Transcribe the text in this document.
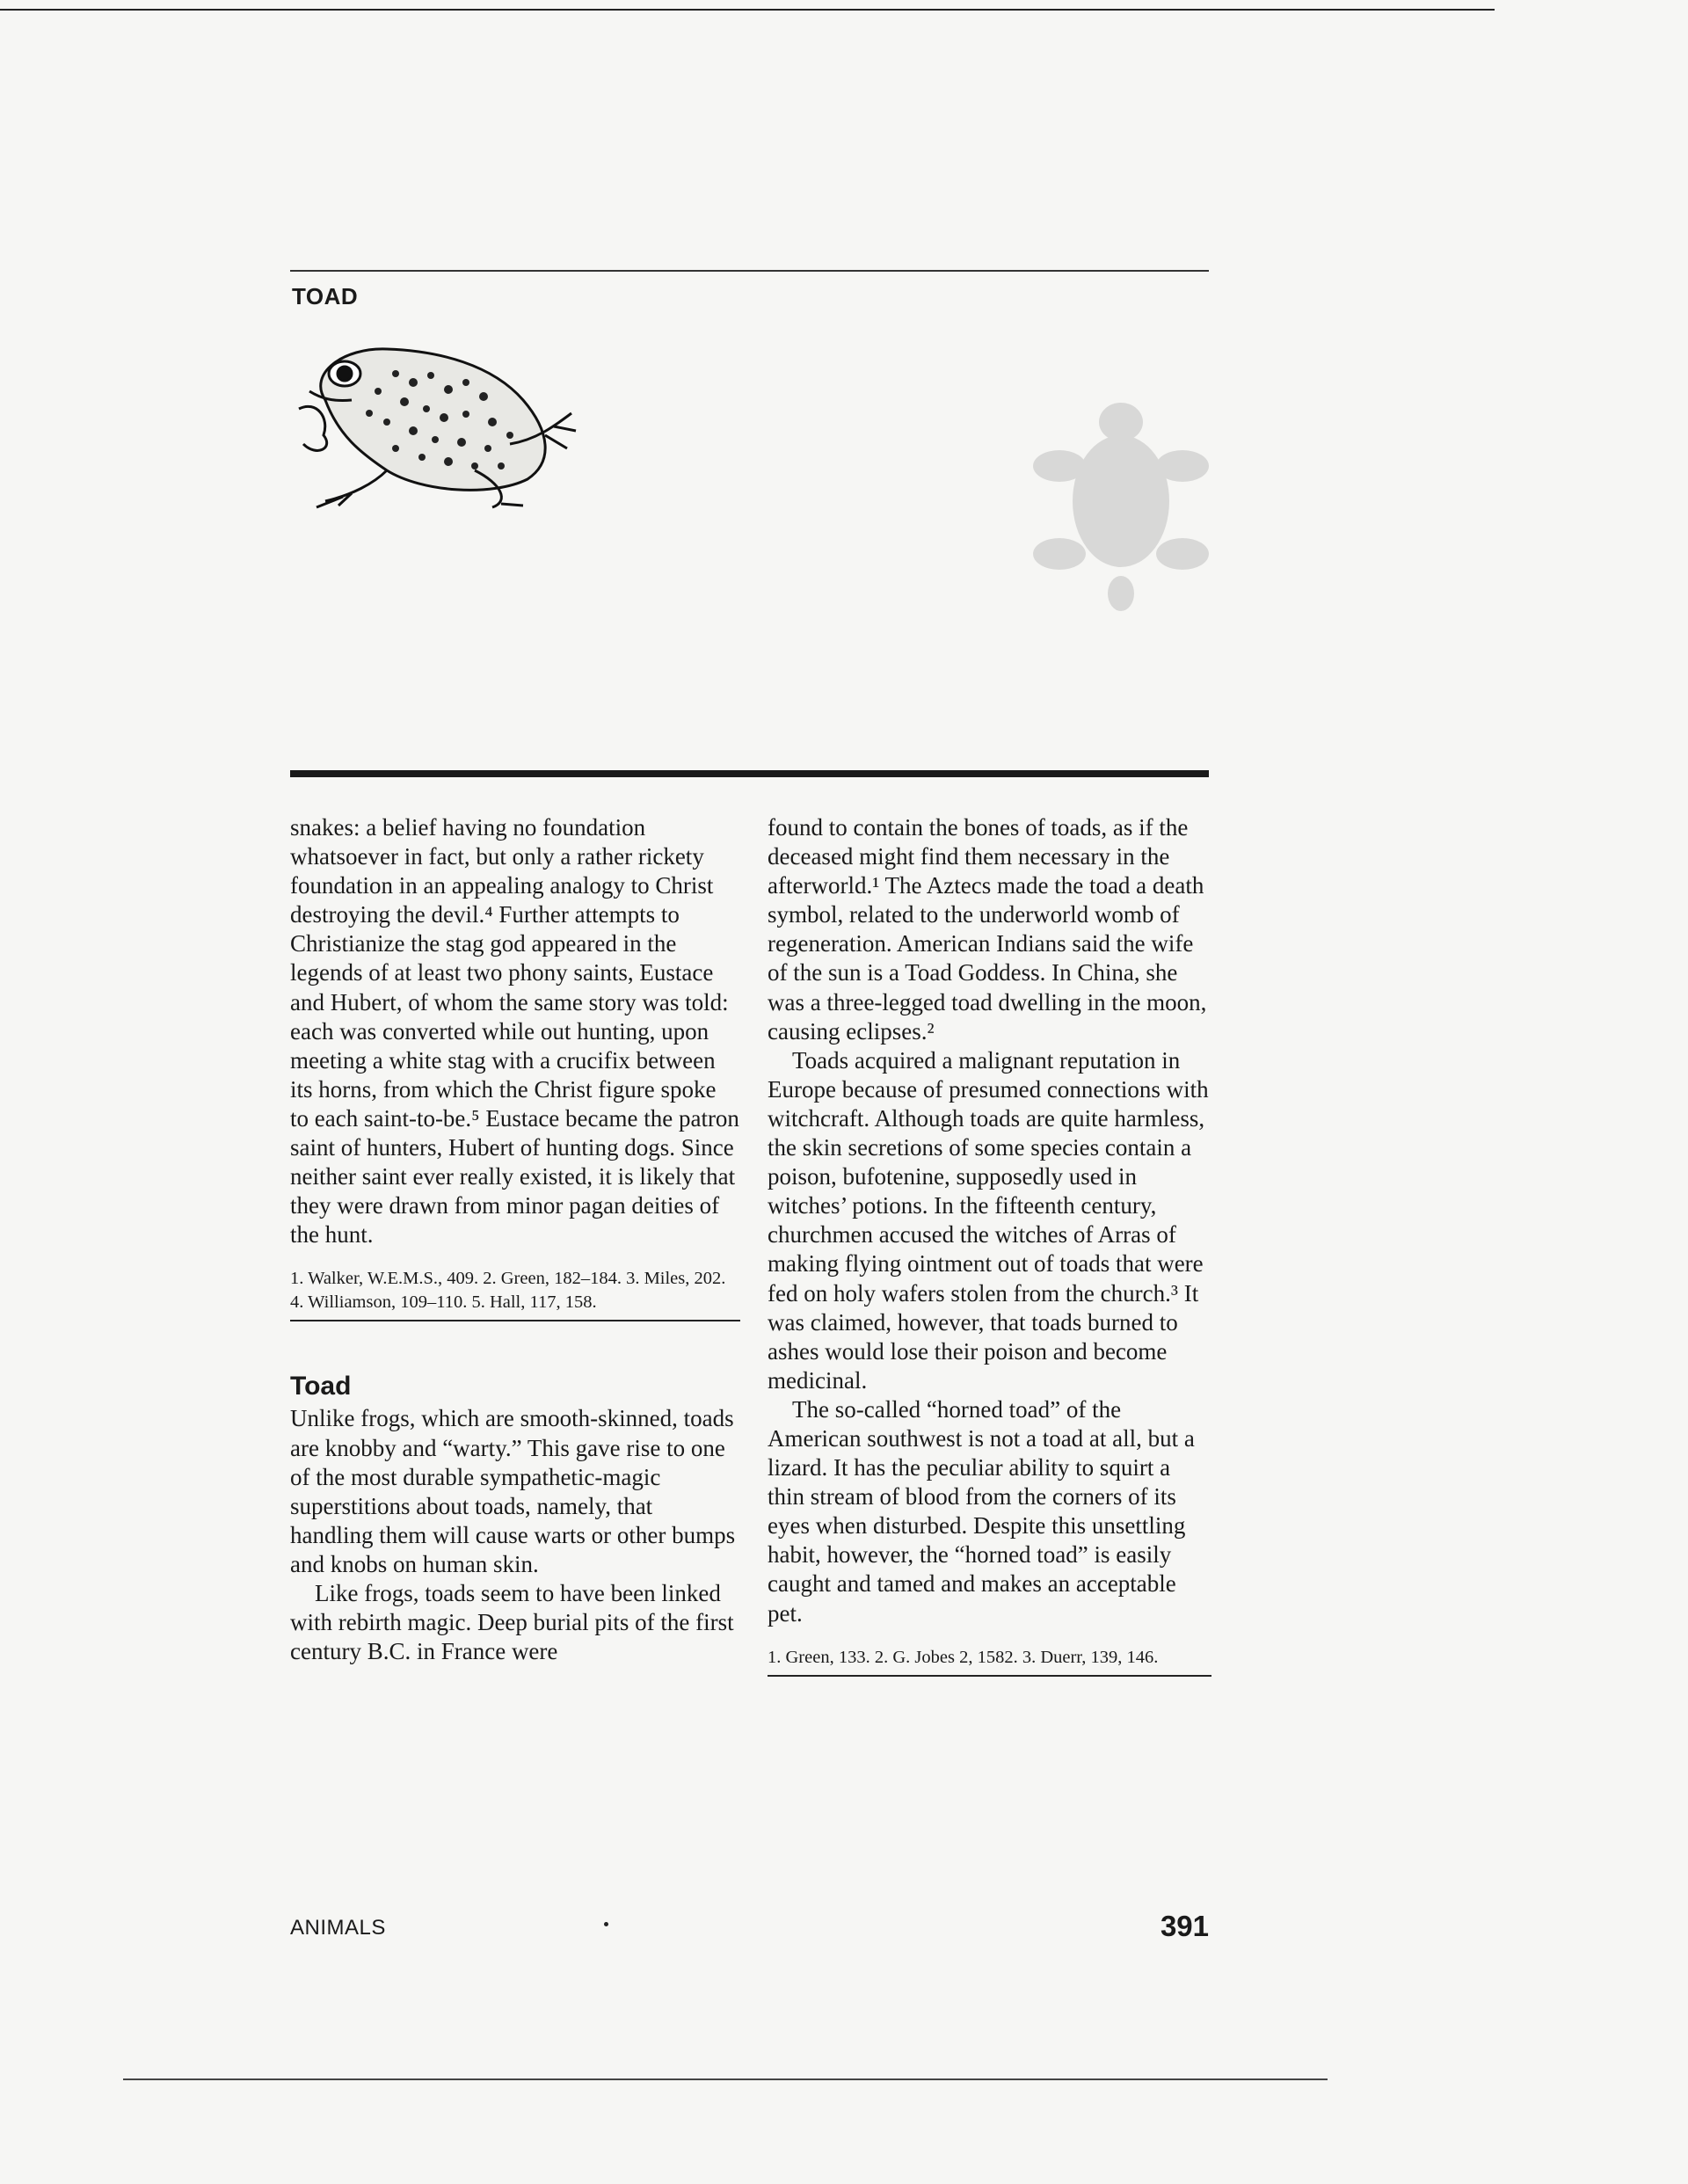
TOAD

snakes: a belief having no foundation whatsoever in fact, but only a rather rickety foundation in an appealing analogy to Christ destroying the devil.⁴ Further attempts to Christianize the stag god appeared in the legends of at least two phony saints, Eustace and Hubert, of whom the same story was told: each was converted while out hunting, upon meeting a white stag with a crucifix between its horns, from which the Christ figure spoke to each saint-to-be.⁵ Eustace became the patron saint of hunters, Hubert of hunting dogs. Since neither saint ever really existed, it is likely that they were drawn from minor pagan deities of the hunt.

1. Walker, W.E.M.S., 409. 2. Green, 182–184. 3. Miles, 202. 4. Williamson, 109–110. 5. Hall, 117, 158.
Toad

Unlike frogs, which are smooth-skinned, toads are knobby and “warty.” This gave rise to one of the most durable sympathetic-magic superstitions about toads, namely, that handling them will cause warts or other bumps and knobs on human skin.

Like frogs, toads seem to have been linked with rebirth magic. Deep burial pits of the first century B.C. in France were

found to contain the bones of toads, as if the deceased might find them necessary in the afterworld.¹ The Aztecs made the toad a death symbol, related to the underworld womb of regeneration. American Indians said the wife of the sun is a Toad Goddess. In China, she was a three-legged toad dwelling in the moon, causing eclipses.²

Toads acquired a malignant reputation in Europe because of presumed connections with witchcraft. Although toads are quite harmless, the skin secretions of some species contain a poison, bufotenine, supposedly used in witches’ potions. In the fifteenth century, churchmen accused the witches of Arras of making flying ointment out of toads that were fed on holy wafers stolen from the church.³ It was claimed, however, that toads burned to ashes would lose their poison and become medicinal.

The so-called “horned toad” of the American southwest is not a toad at all, but a lizard. It has the peculiar ability to squirt a thin stream of blood from the corners of its eyes when disturbed. Despite this unsettling habit, however, the “horned toad” is easily caught and tamed and makes an acceptable pet.

1. Green, 133. 2. G. Jobes 2, 1582. 3. Duerr, 139, 146.
ANIMALS	391
